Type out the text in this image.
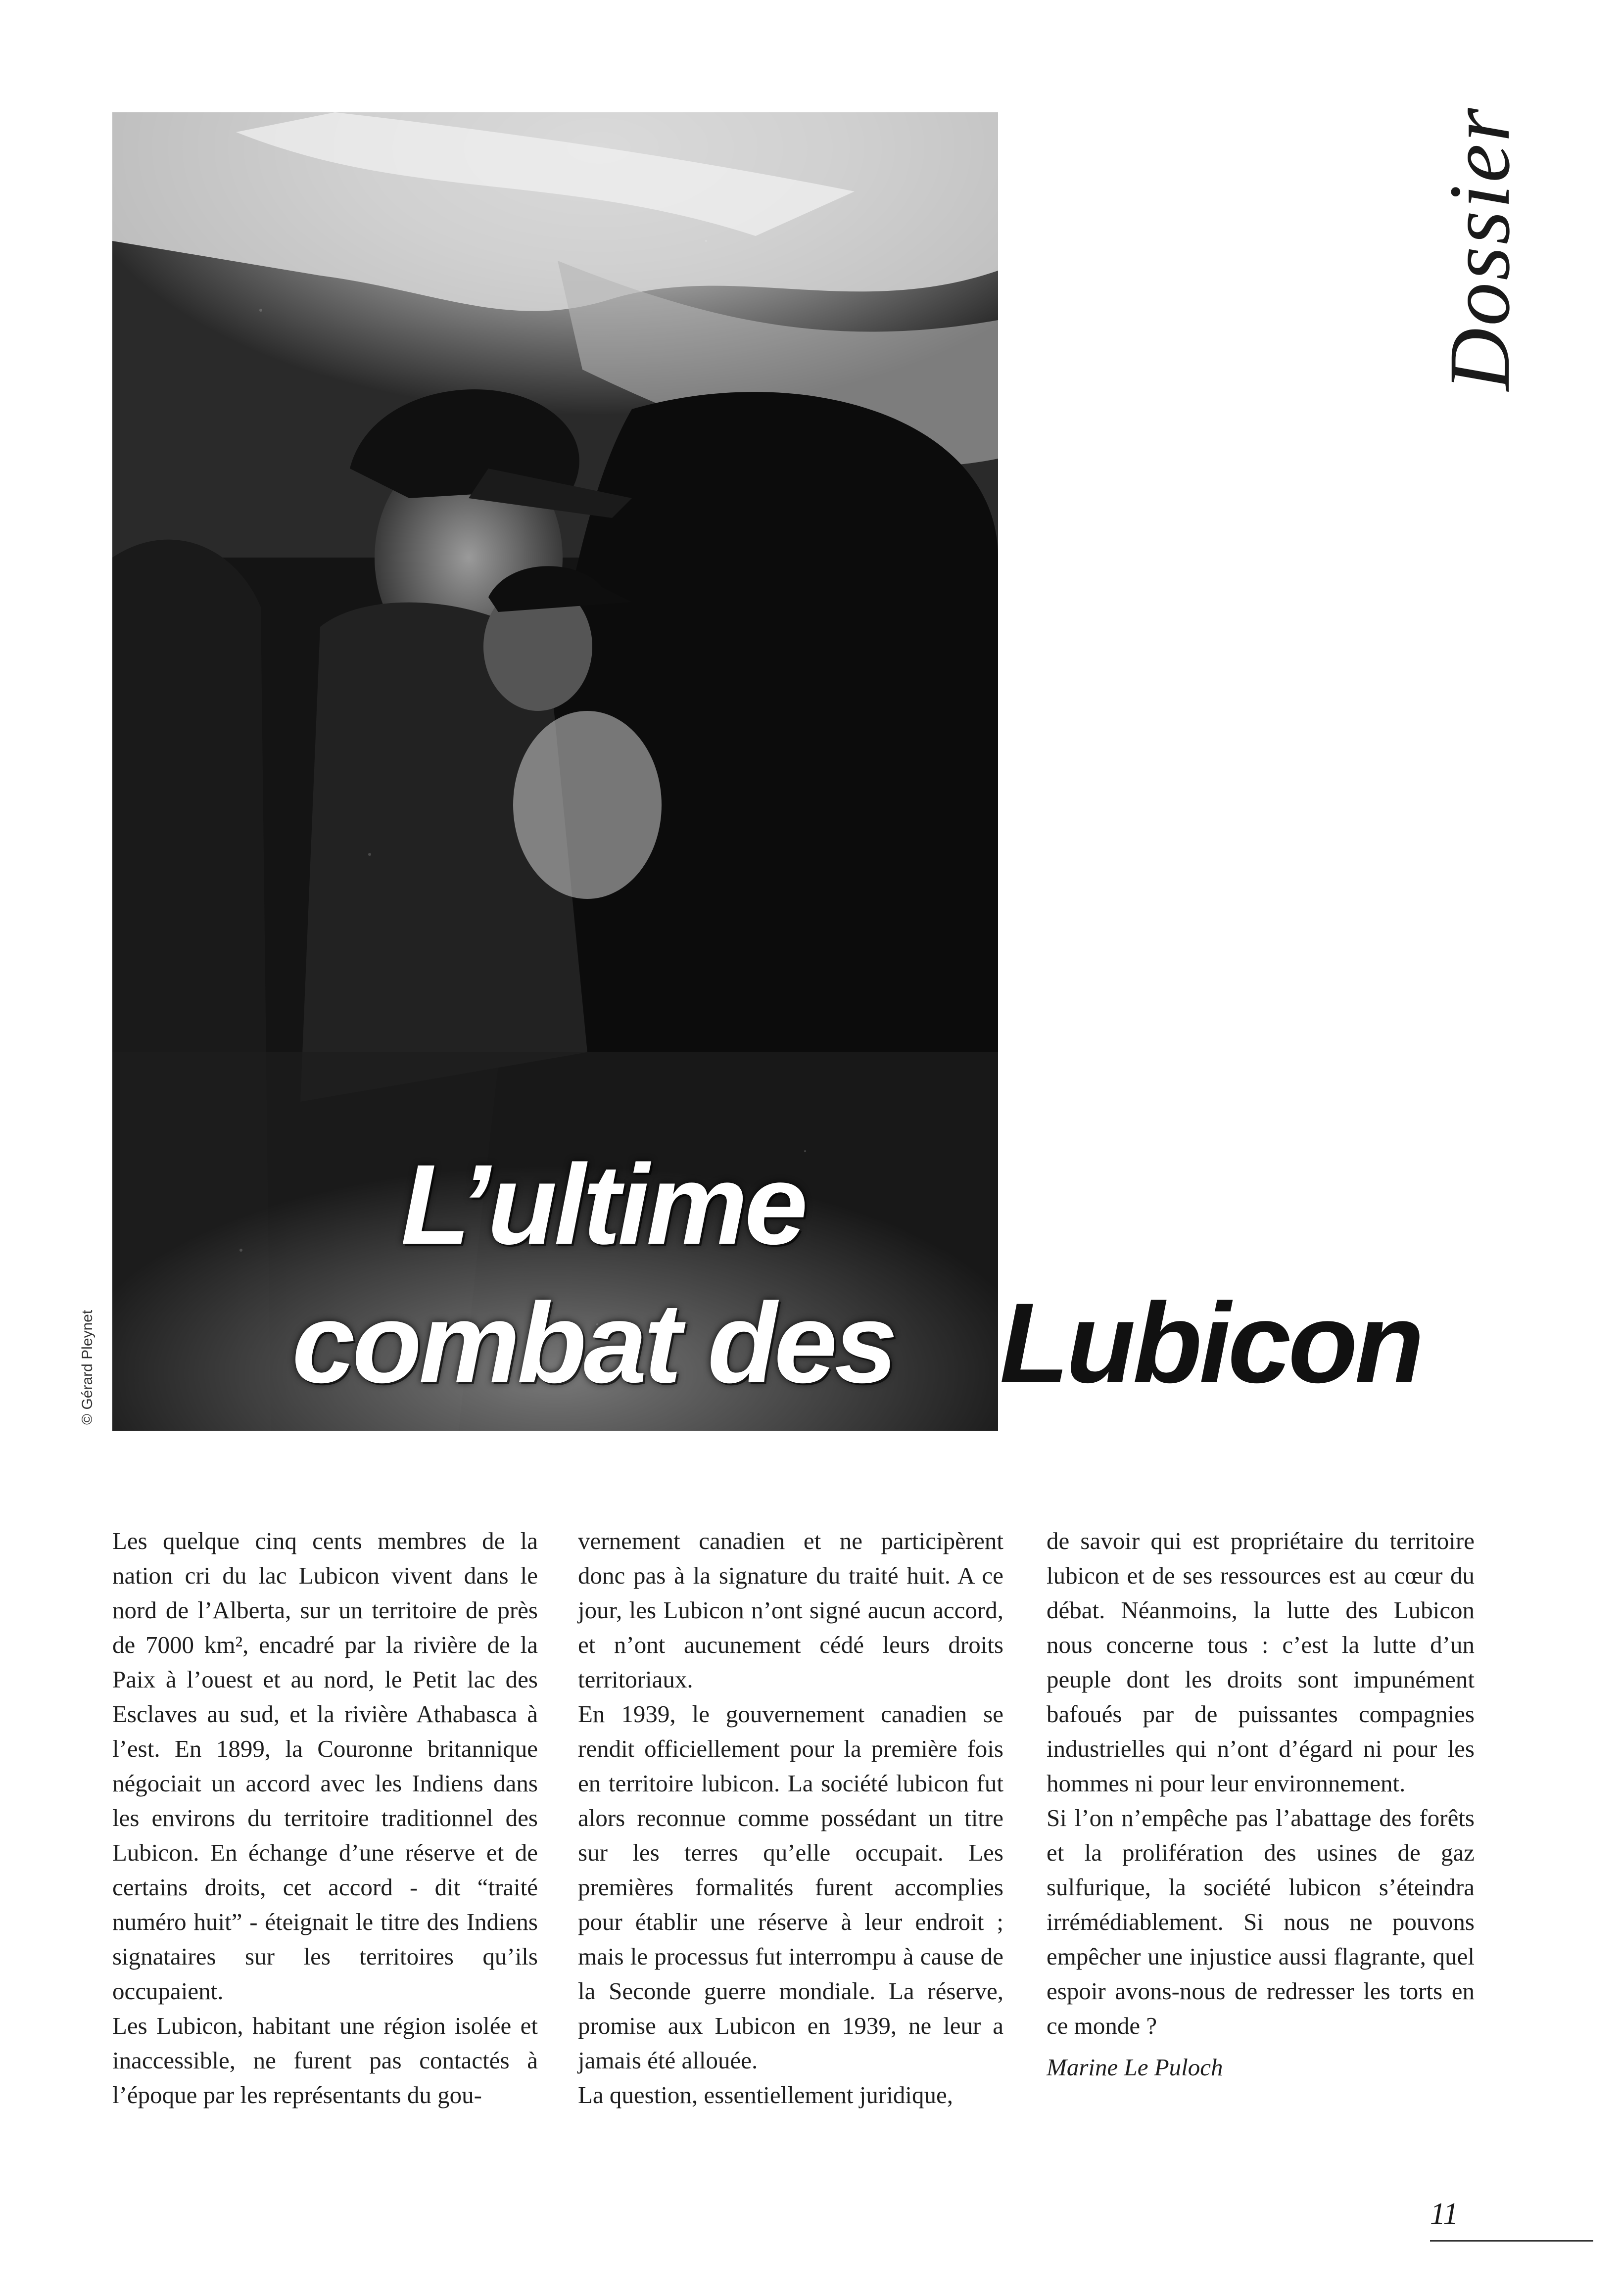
© Gérard Pleynet
L’ultime
combat des Lubicon
Dossier

Les quelque cinq cents membres de la nation cri du lac Lubicon vivent dans le nord de l’Alberta, sur un territoire de près de 7000 km², encadré par la rivière de la Paix à l’ouest et au nord, le Petit lac des Esclaves au sud, et la rivière Athabasca à l’est. En 1899, la Couronne britannique négociait un accord avec les Indiens dans les environs du territoire traditionnel des Lubicon. En échange d’une réserve et de certains droits, cet accord - dit “traité numéro huit” - éteignait le titre des Indiens signataires sur les territoires qu’ils occupaient.

Les Lubicon, habitant une région isolée et inaccessible, ne furent pas contactés à l’époque par les représentants du gou-

vernement canadien et ne participèrent donc pas à la signature du traité huit. A ce jour, les Lubicon n’ont signé aucun accord, et n’ont aucunement cédé leurs droits territoriaux.

En 1939, le gouvernement canadien se rendit officiellement pour la première fois en territoire lubicon. La société lubicon fut alors reconnue comme possédant un titre sur les terres qu’elle occupait. Les premières formalités furent accomplies pour établir une réserve à leur endroit ; mais le processus fut interrompu à cause de la Seconde guerre mondiale. La réserve, promise aux Lubicon en 1939, ne leur a jamais été allouée.

La question, essentiellement juridique,

de savoir qui est propriétaire du territoire lubicon et de ses ressources est au cœur du débat. Néanmoins, la lutte des Lubicon nous concerne tous : c’est la lutte d’un peuple dont les droits sont impunément bafoués par de puissantes compagnies industrielles qui n’ont d’égard ni pour les hommes ni pour leur environnement.

Si l’on n’empêche pas l’abattage des forêts et la prolifération des usines de gaz sulfurique, la société lubicon s’éteindra irrémédiablement. Si nous ne pouvons empêcher une injustice aussi flagrante, quel espoir avons-nous de redresser les torts en ce monde ?

Marine Le Puloch

11
